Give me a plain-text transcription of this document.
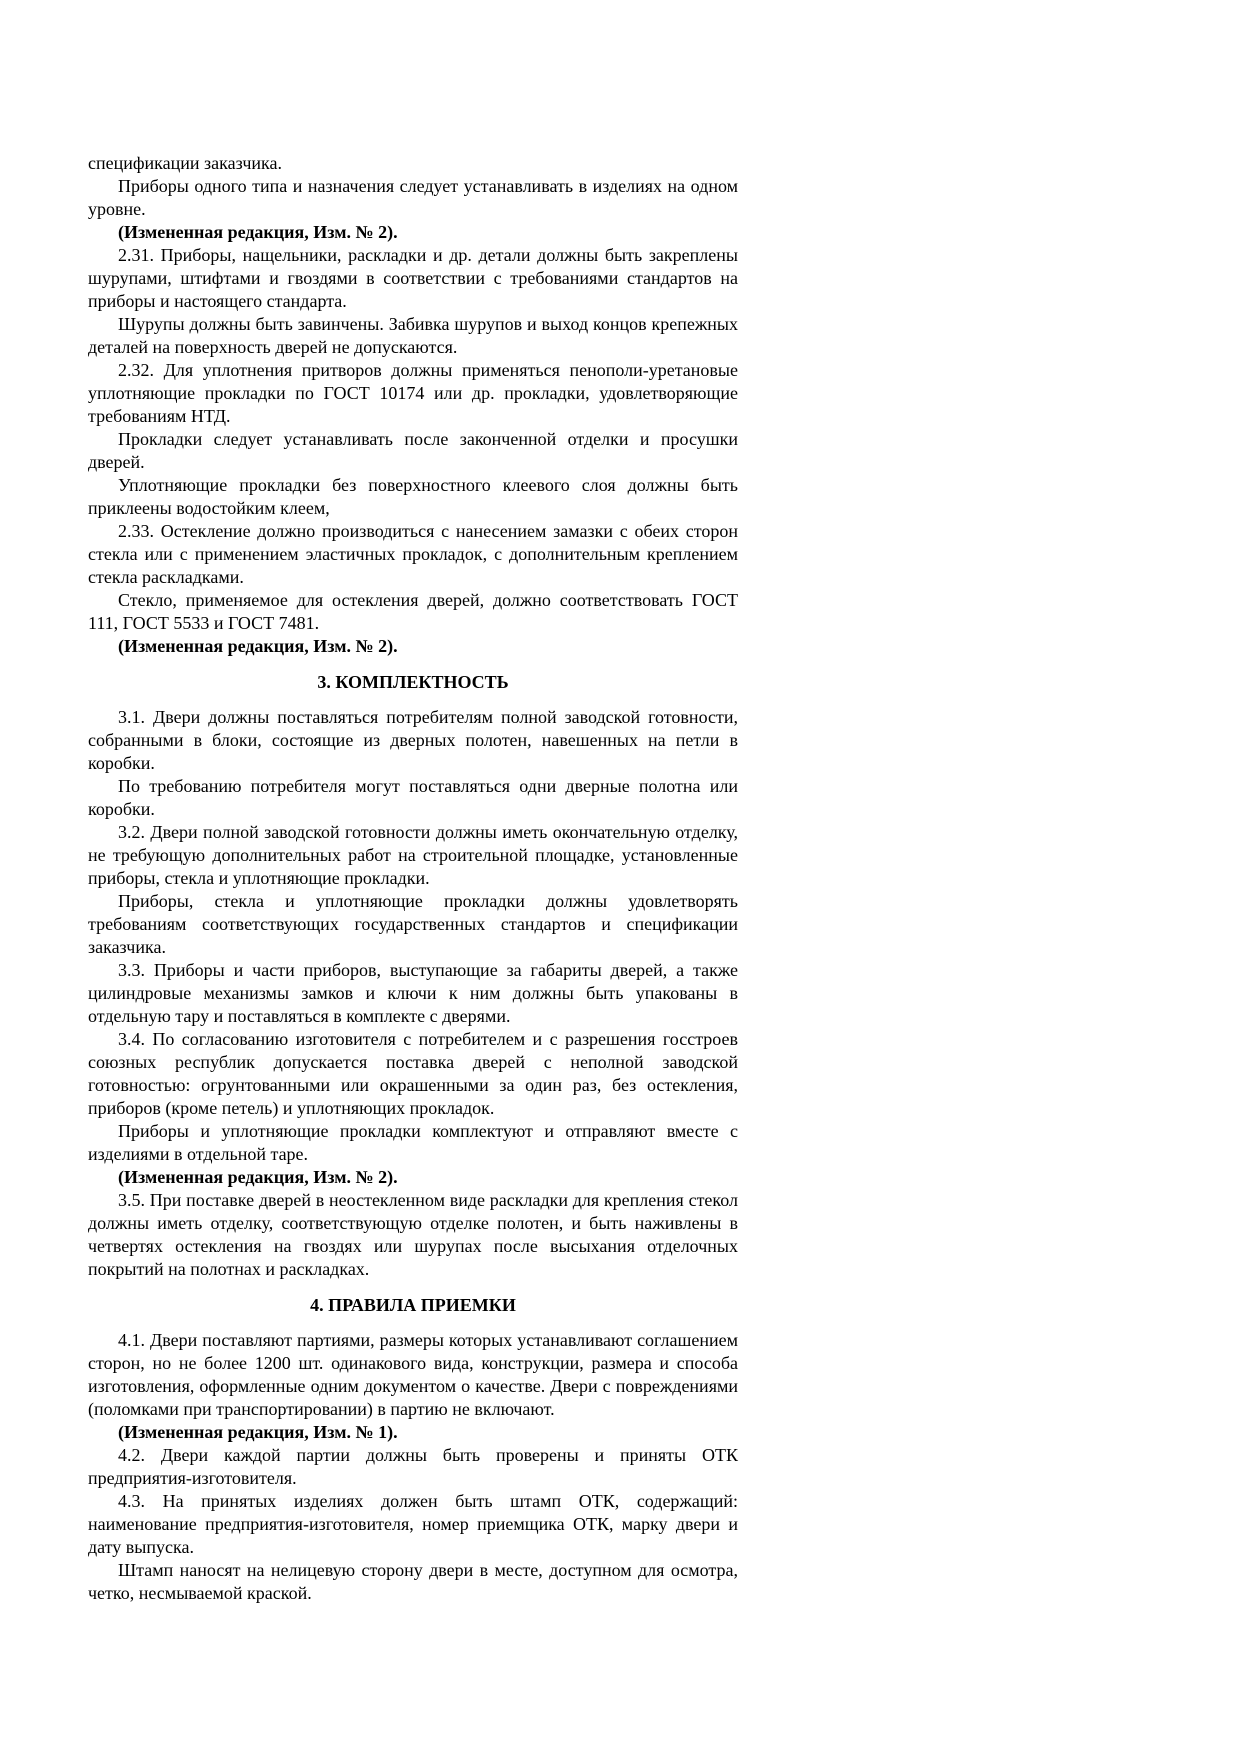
спецификации заказчика.

Приборы одного типа и назначения следует устанавливать в изделиях на одном уровне.

(Измененная редакция, Изм. № 2).

2.31. Приборы, нащельники, раскладки и др. детали должны быть закреплены шурупами, штифтами и гвоздями в соответствии с требованиями стандартов на приборы и настоящего стандарта.

Шурупы должны быть завинчены. Забивка шурупов и выход концов крепежных деталей на поверхность дверей не допускаются.

2.32. Для уплотнения притворов должны применяться пенополи-уретановые уплотняющие прокладки по ГОСТ 10174 или др. прокладки, удовлетворяющие требованиям НТД.

Прокладки следует устанавливать после законченной отделки и просушки дверей.

Уплотняющие прокладки без поверхностного клеевого слоя должны быть приклеены водостойким клеем,

2.33. Остекление должно производиться с нанесением замазки с обеих сторон стекла или с применением эластичных прокладок, с дополнительным креплением стекла раскладками.

Стекло, применяемое для остекления дверей, должно соответствовать ГОСТ 111, ГОСТ 5533 и ГОСТ 7481.

(Измененная редакция, Изм. № 2).

3. КОМПЛЕКТНОСТЬ

3.1. Двери должны поставляться потребителям полной заводской готовности, собранными в блоки, состоящие из дверных полотен, навешенных на петли в коробки.

По требованию потребителя могут поставляться одни дверные полотна или коробки.

3.2. Двери полной заводской готовности должны иметь окончательную отделку, не требующую дополнительных работ на строительной площадке, установленные приборы, стекла и уплотняющие прокладки.

Приборы, стекла и уплотняющие прокладки должны удовлетворять требованиям соответствующих государственных стандартов и спецификации заказчика.

3.3. Приборы и части приборов, выступающие за габариты дверей, а также цилиндровые механизмы замков и ключи к ним должны быть упакованы в отдельную тару и поставляться в комплекте с дверями.

3.4. По согласованию изготовителя с потребителем и с разрешения госстроев союзных республик допускается поставка дверей с неполной заводской готовностью: огрунтованными или окрашенными за один раз, без остекления, приборов (кроме петель) и уплотняющих прокладок.

Приборы и уплотняющие прокладки комплектуют и отправляют вместе с изделиями в отдельной таре.

(Измененная редакция, Изм. № 2).

3.5. При поставке дверей в неостекленном виде раскладки для крепления стекол должны иметь отделку, соответствующую отделке полотен, и быть наживлены в четвертях остекления на гвоздях или шурупах после высыхания отделочных покрытий на полотнах и раскладках.

4. ПРАВИЛА ПРИЕМКИ

4.1. Двери поставляют партиями, размеры которых устанавливают соглашением сторон, но не более 1200 шт. одинакового вида, конструкции, размера и способа изготовления, оформленные одним документом о качестве. Двери с повреждениями (поломками при транспортировании) в партию не включают.

(Измененная редакция, Изм. № 1).

4.2. Двери каждой партии должны быть проверены и приняты ОТК предприятия-изготовителя.

4.3. На принятых изделиях должен быть штамп ОТК, содержащий: наименование предприятия-изготовителя, номер приемщика ОТК, марку двери и дату выпуска.

Штамп наносят на нелицевую сторону двери в месте, доступном для осмотра, четко, несмываемой краской.
